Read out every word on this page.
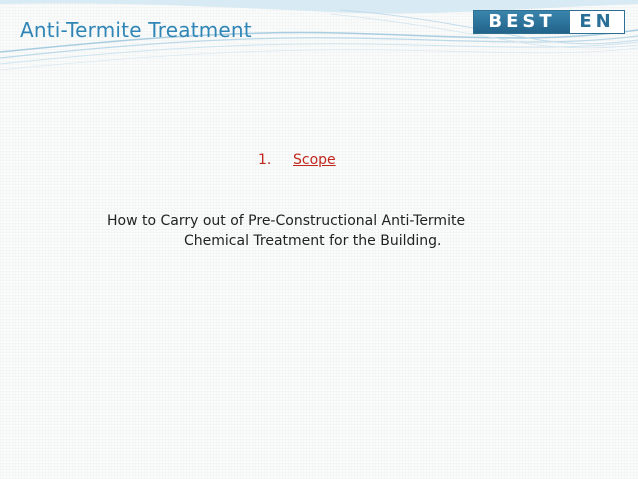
Anti-Termite Treatment	BEST	EN
1. Scope
How to Carry out of Pre-Constructional Anti-Termite
Chemical Treatment for the Building.
